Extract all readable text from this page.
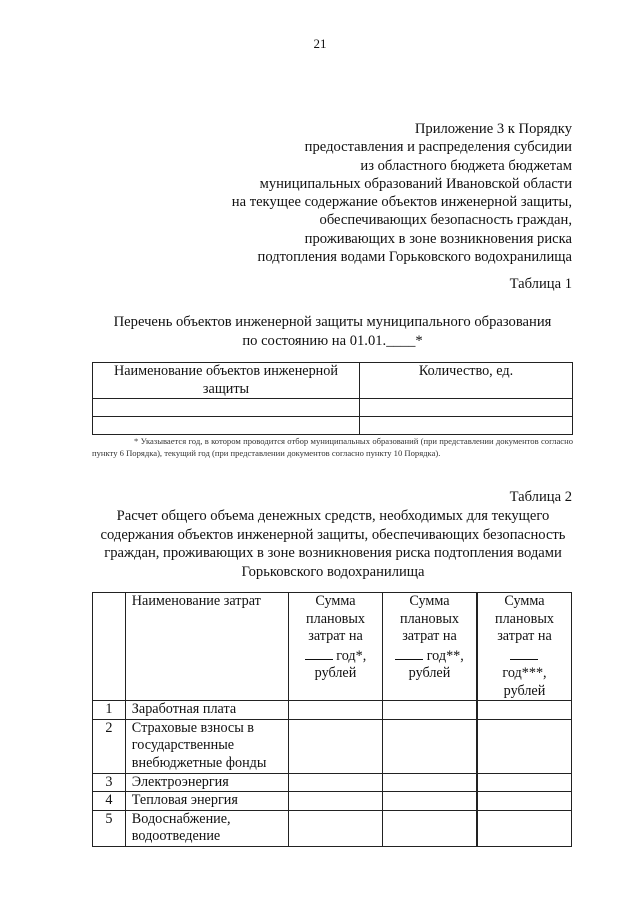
21
Приложение 3 к Порядку
предоставления и распределения субсидии
из областного бюджета бюджетам
муниципальных образований Ивановской области
на текущее содержание объектов инженерной защиты,
обеспечивающих безопасность граждан,
проживающих в зоне возникновения риска
подтопления водами Горьковского водохранилища
Таблица 1
Перечень объектов инженерной защиты муниципального образования
по состоянию на 01.01.____*
Наименование объектов инженерной защиты	Количество, ед.

* Указывается год, в котором проводится отбор муниципальных образований (при представлении документов согласно пункту 6 Порядка), текущий год (при представлении документов согласно пункту 10 Порядка).
Таблица 2
Расчет общего объема денежных средств, необходимых для текущего содержания объектов инженерной защиты, обеспечивающих безопасность граждан, проживающих в зоне возникновения риска подтопления водами Горьковского водохранилища
	Наименование затрат	Сумма плановых затрат на
год*,
рублей	Сумма плановых затрат на
год**,
рублей	Сумма плановых затрат на

год***,
рублей
1	Заработная плата			
2	Страховые взносы в государственные внебюджетные фонды			
3	Электроэнергия			
4	Тепловая энергия			
5	Водоснабжение, водоотведение			
